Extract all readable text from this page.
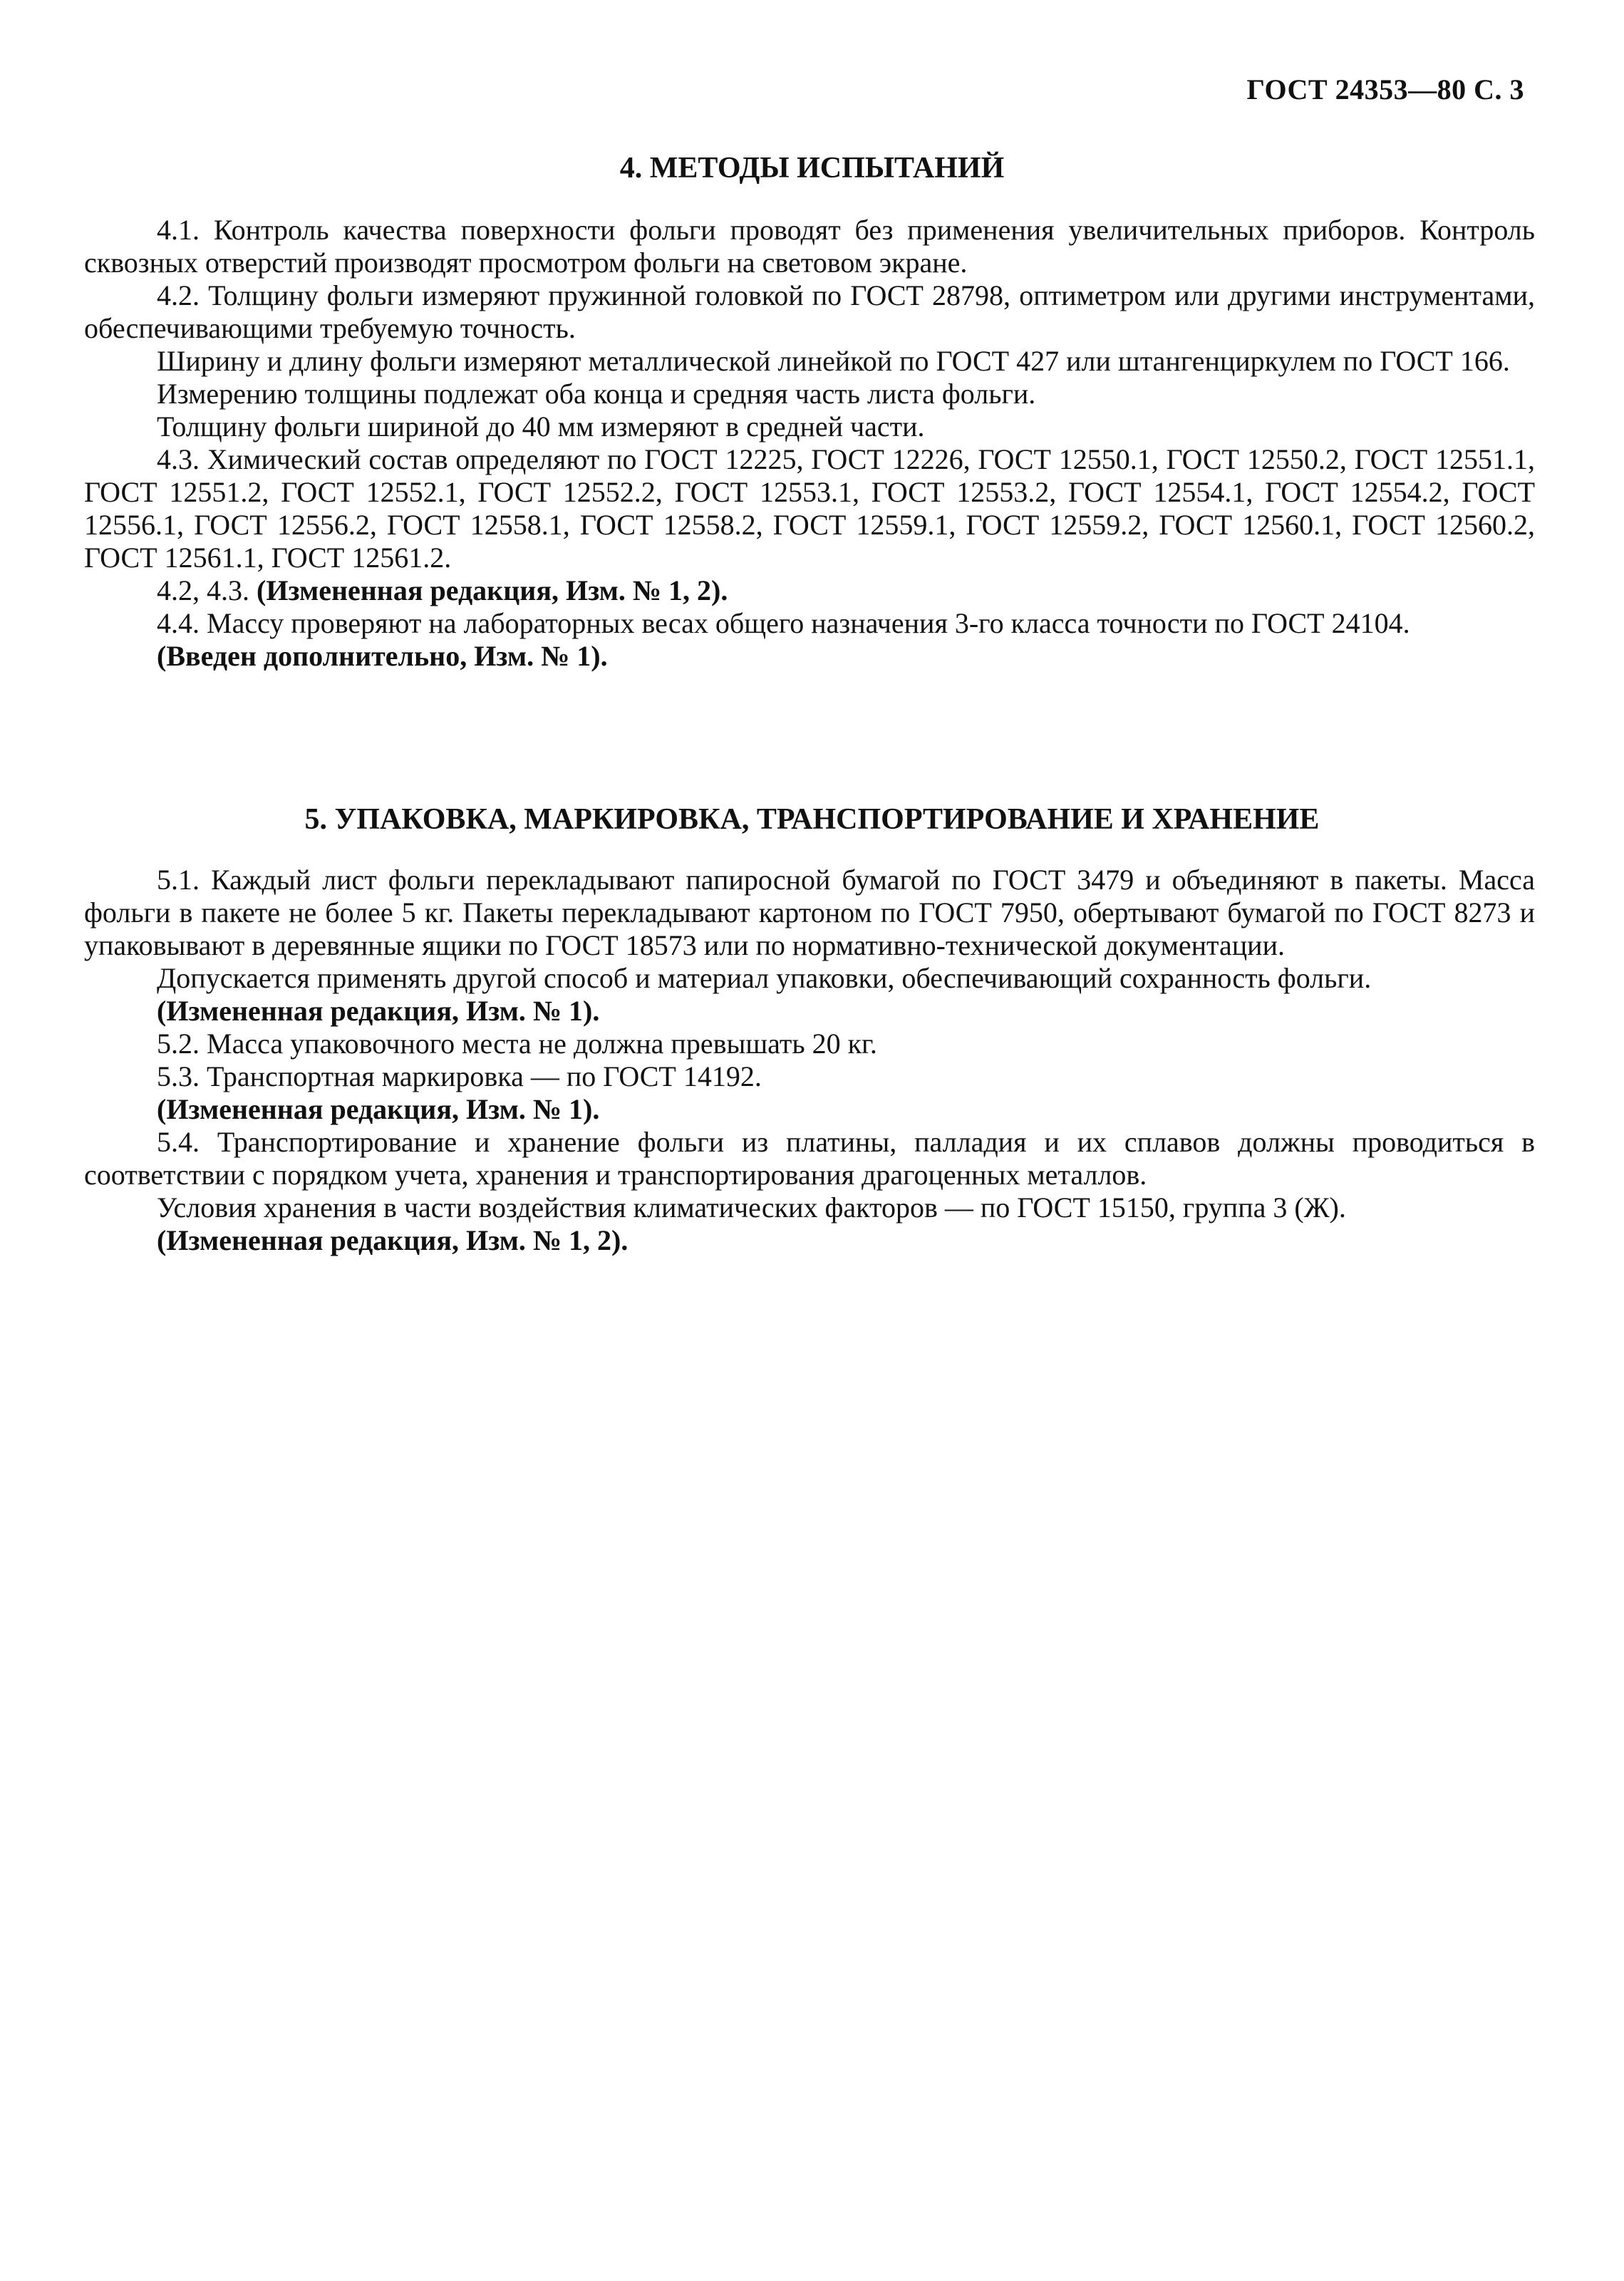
ГОСТ 24353—80 С. 3
4. МЕТОДЫ ИСПЫТАНИЙ

4.1. Контроль качества поверхности фольги проводят без применения увеличительных приборов. Контроль сквозных отверстий производят просмотром фольги на световом экране.

4.2. Толщину фольги измеряют пружинной головкой по ГОСТ 28798, оптиметром или другими инструментами, обеспечивающими требуемую точность.

Ширину и длину фольги измеряют металлической линейкой по ГОСТ 427 или штангенциркулем по ГОСТ 166.

Измерению толщины подлежат оба конца и средняя часть листа фольги.

Толщину фольги шириной до 40 мм измеряют в средней части.

4.3. Химический состав определяют по ГОСТ 12225, ГОСТ 12226, ГОСТ 12550.1, ГОСТ 12550.2, ГОСТ 12551.1, ГОСТ 12551.2, ГОСТ 12552.1, ГОСТ 12552.2, ГОСТ 12553.1, ГОСТ 12553.2, ГОСТ 12554.1, ГОСТ 12554.2, ГОСТ 12556.1, ГОСТ 12556.2, ГОСТ 12558.1, ГОСТ 12558.2, ГОСТ 12559.1, ГОСТ 12559.2, ГОСТ 12560.1, ГОСТ 12560.2, ГОСТ 12561.1, ГОСТ 12561.2.

4.2, 4.3. (Измененная редакция, Изм. № 1, 2).

4.4. Массу проверяют на лабораторных весах общего назначения 3-го класса точности по ГОСТ 24104.

(Введен дополнительно, Изм. № 1).

5. УПАКОВКА, МАРКИРОВКА, ТРАНСПОРТИРОВАНИЕ И ХРАНЕНИЕ

5.1. Каждый лист фольги перекладывают папиросной бумагой по ГОСТ 3479 и объединяют в пакеты. Масса фольги в пакете не более 5 кг. Пакеты перекладывают картоном по ГОСТ 7950, обертывают бумагой по ГОСТ 8273 и упаковывают в деревянные ящики по ГОСТ 18573 или по нормативно-технической документации.

Допускается применять другой способ и материал упаковки, обеспечивающий сохранность фольги.

(Измененная редакция, Изм. № 1).

5.2. Масса упаковочного места не должна превышать 20 кг.

5.3. Транспортная маркировка — по ГОСТ 14192.

(Измененная редакция, Изм. № 1).

5.4. Транспортирование и хранение фольги из платины, палладия и их сплавов должны проводиться в соответствии с порядком учета, хранения и транспортирования драгоценных металлов.

Условия хранения в части воздействия климатических факторов — по ГОСТ 15150, группа 3 (Ж).

(Измененная редакция, Изм. № 1, 2).
